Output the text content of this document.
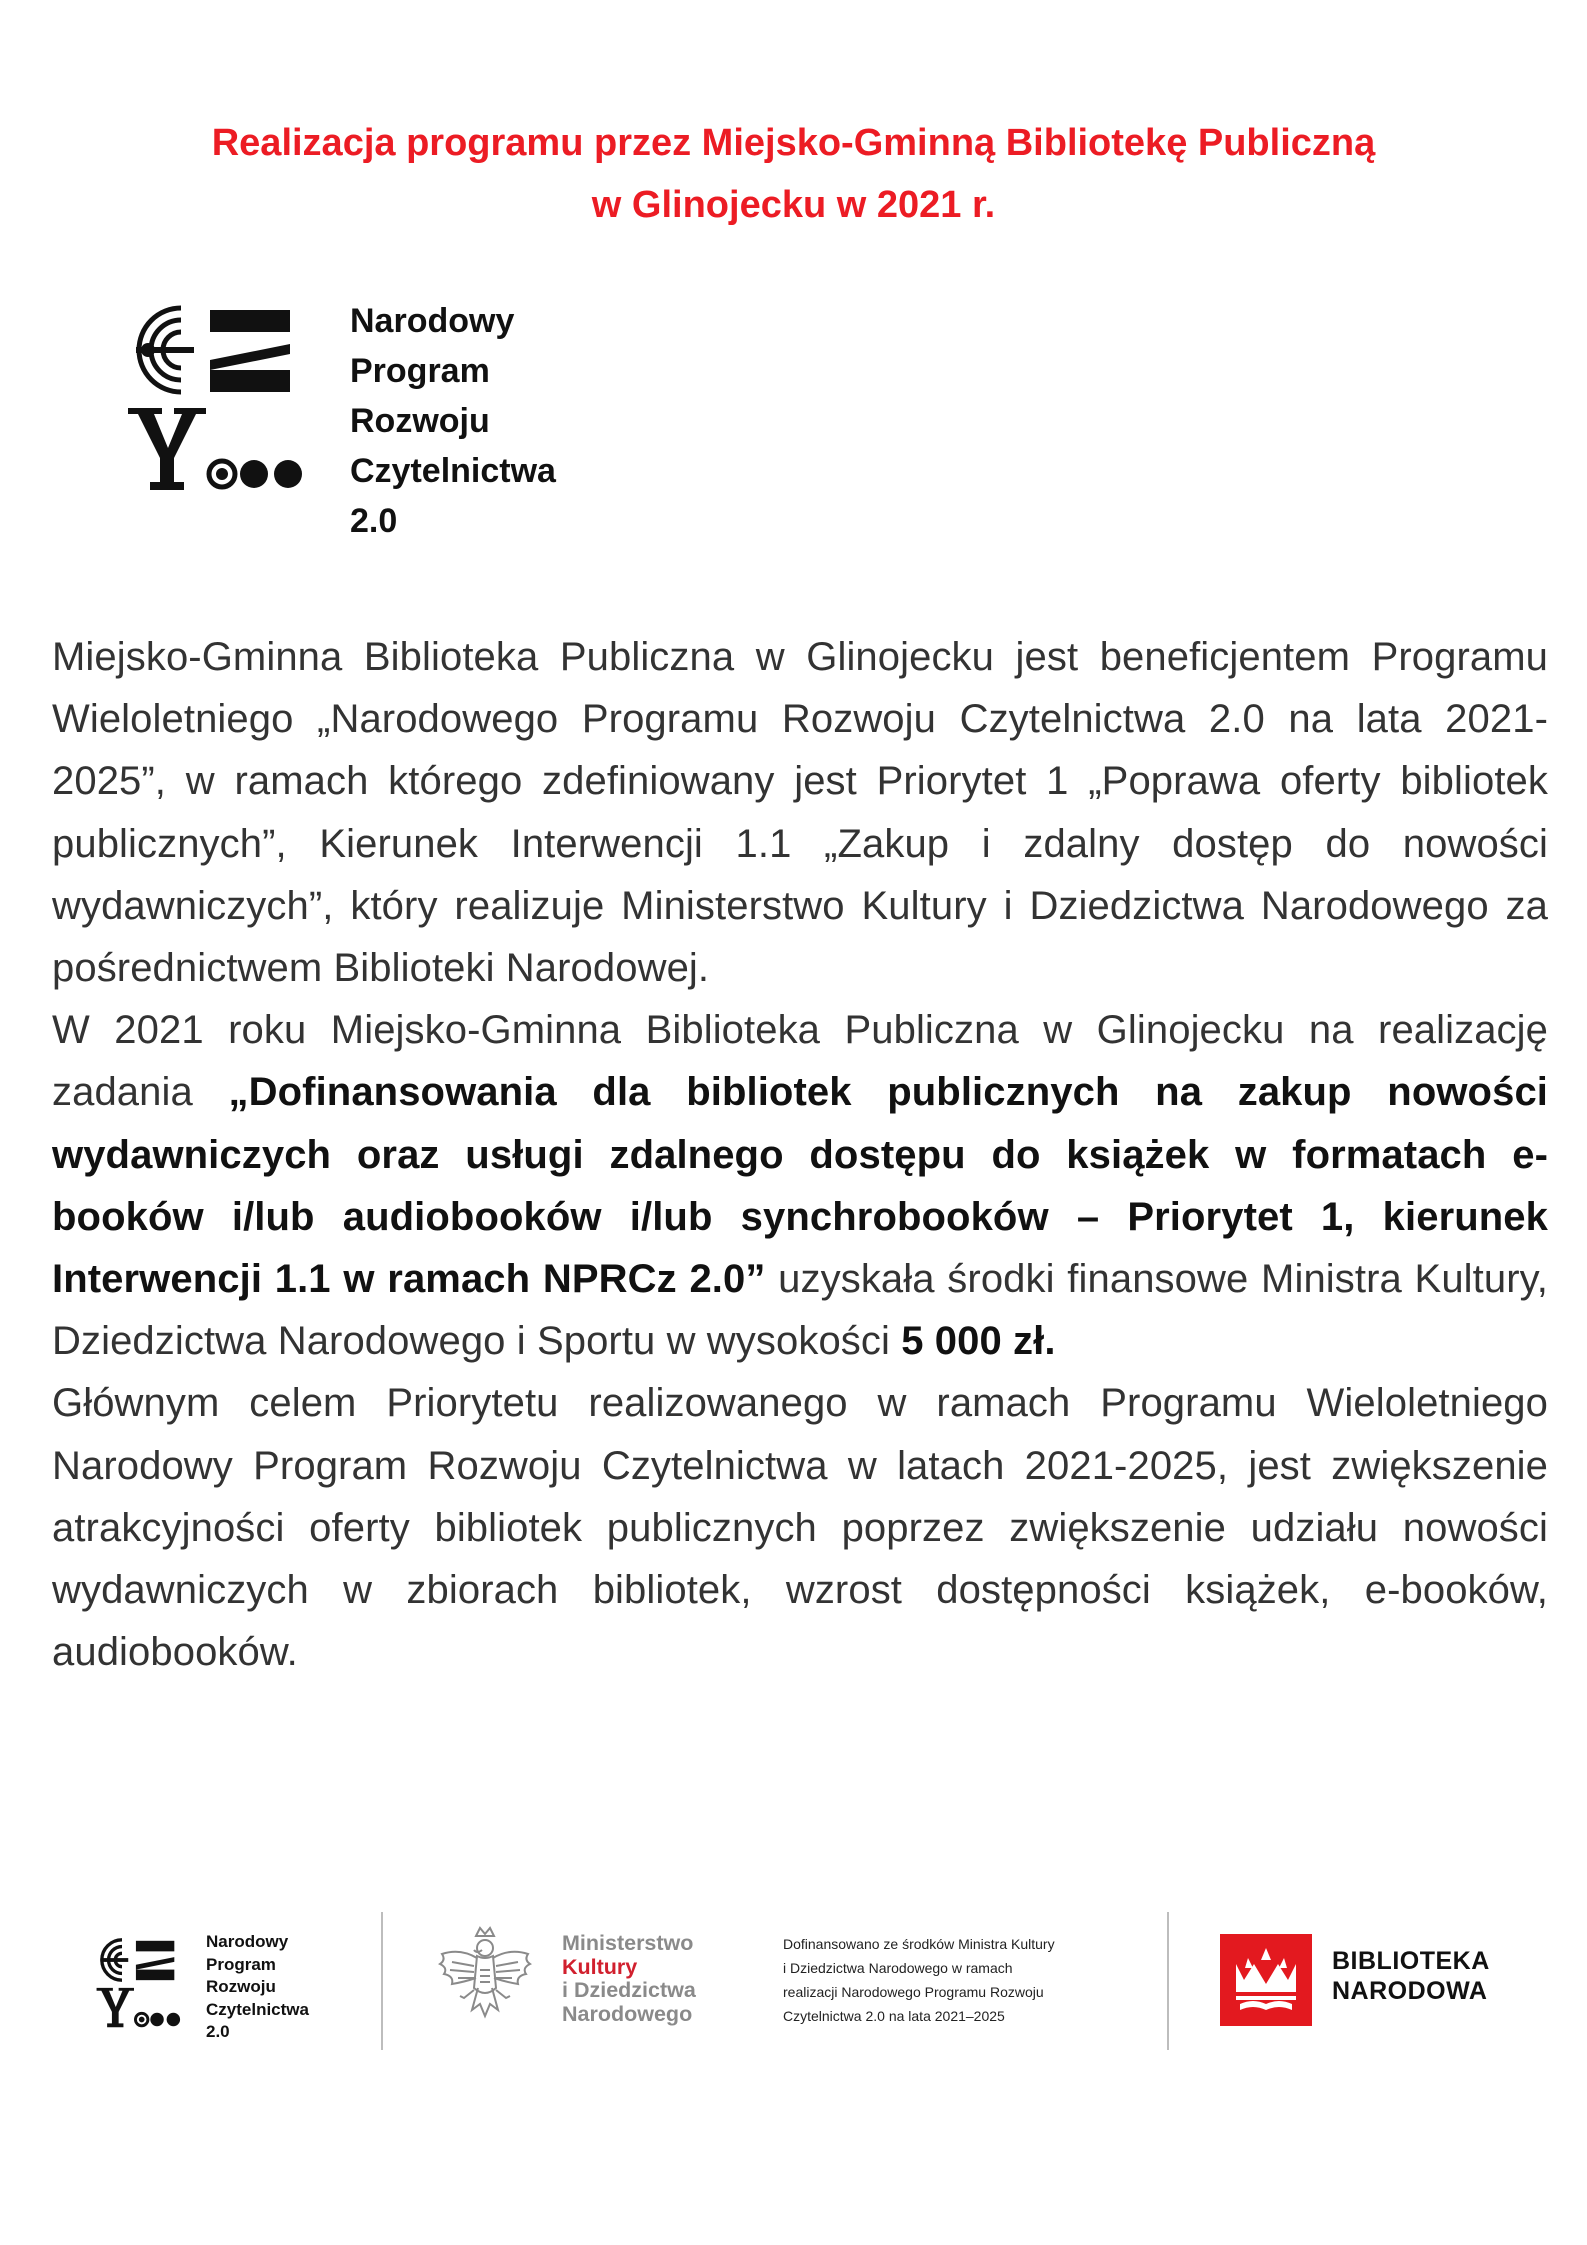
Realizacja programu przez Miejsko-Gminną Bibliotekę Publiczną
w Glinojecku w 2021 r.
Narodowy
Program
Rozwoju
Czytelnictwa
2.0

Miejsko-Gminna Biblioteka Publiczna w Glinojecku jest beneficjentem Programu Wieloletniego „Narodowego Programu Rozwoju Czytelnictwa 2.0 na lata 2021-2025”, w ramach którego zdefiniowany jest Priorytet 1 „Poprawa oferty bibliotek publicznych”, Kierunek Interwencji 1.1 „Zakup i zdalny dostęp do nowości wydawniczych”, który realizuje Ministerstwo Kultury i Dziedzictwa Narodowego za pośrednictwem Biblioteki Narodowej.

W 2021 roku Miejsko-Gminna Biblioteka Publiczna w Glinojecku na realizację zadania „Dofinansowania dla bibliotek publicznych na zakup nowości wydawniczych oraz usługi zdalnego dostępu do książek w formatach e-booków i/lub audiobooków i/lub synchrobooków – Priorytet 1, kierunek Interwencji 1.1 w ramach NPRCz 2.0” uzyskała środki finansowe Ministra Kultury, Dziedzictwa Narodowego i Sportu w wysokości 5 000 zł.

Głównym celem Priorytetu realizowanego w ramach Programu Wieloletniego Narodowy Program Rozwoju Czytelnictwa w latach 2021-2025, jest zwiększenie atrakcyjności oferty bibliotek publicznych poprzez zwiększenie udziału nowości wydawniczych w zbiorach bibliotek, wzrost dostępności książek, e-booków, audiobooków.

Narodowy
Program
Rozwoju
Czytelnictwa
2.0
Ministerstwo
Kultury
i Dziedzictwa
Narodowego
Dofinansowano ze środków Ministra Kultury
i Dziedzictwa Narodowego w ramach
realizacji Narodowego Programu Rozwoju
Czytelnictwa 2.0 na lata 2021–2025
BIBLIOTEKA
NARODOWA
